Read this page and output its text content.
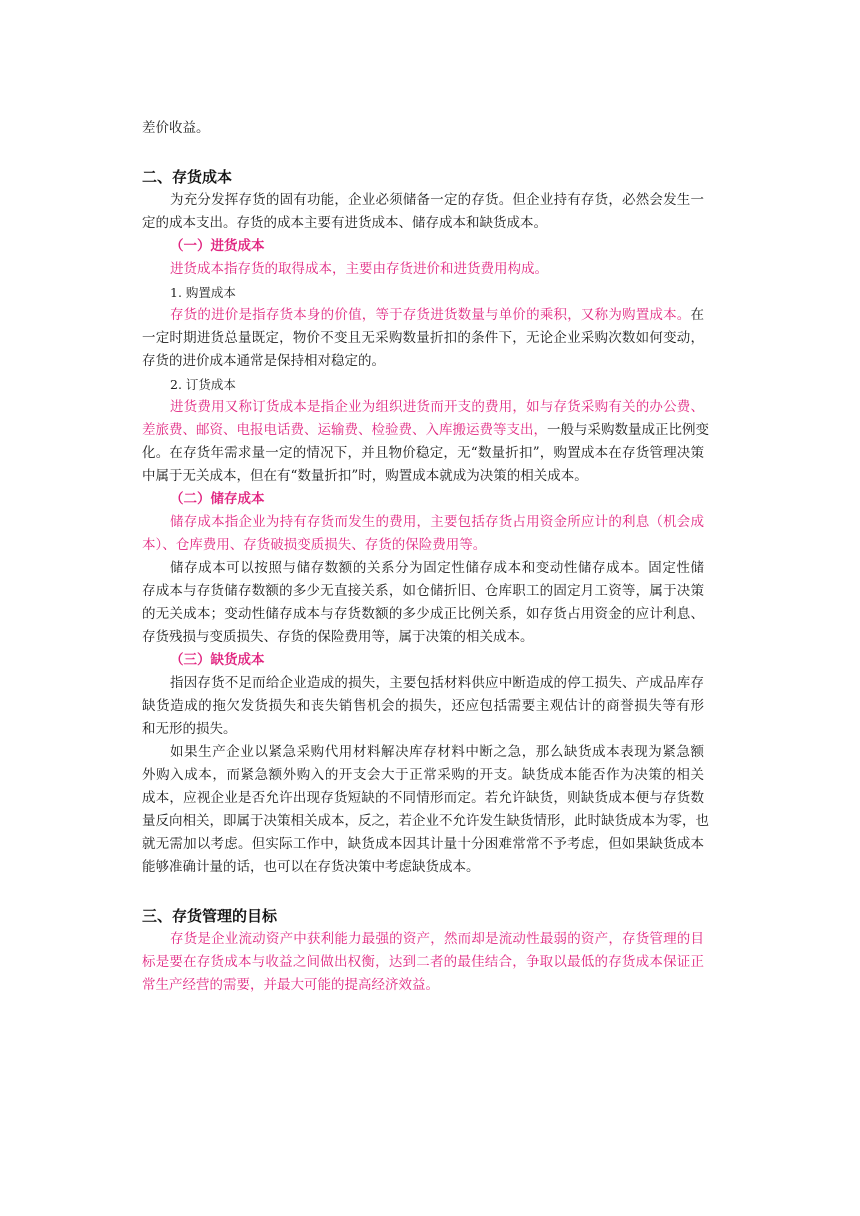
差价收益。
二、存货成本
为充分发挥存货的固有功能，企业必须储备一定的存货。但企业持有存货，必然会发生一
定的成本支出。存货的成本主要有进货成本、储存成本和缺货成本。
（一）进货成本
进货成本指存货的取得成本，主要由存货进价和进货费用构成。
1. 购置成本
存货的进价是指存货本身的价值，等于存货进货数量与单价的乘积，又称为购置成本。在
一定时期进货总量既定，物价不变且无采购数量折扣的条件下，无论企业采购次数如何变动，
存货的进价成本通常是保持相对稳定的。
2. 订货成本
进货费用又称订货成本是指企业为组织进货而开支的费用，如与存货采购有关的办公费、
差旅费、邮资、电报电话费、运输费、检验费、入库搬运费等支出，一般与采购数量成正比例变
化。在存货年需求量一定的情况下，并且物价稳定，无“数量折扣”，购置成本在存货管理决策
中属于无关成本，但在有“数量折扣”时，购置成本就成为决策的相关成本。
（二）储存成本
储存成本指企业为持有存货而发生的费用，主要包括存货占用资金所应计的利息（机会成
本）、仓库费用、存货破损变质损失、存货的保险费用等。
储存成本可以按照与储存数额的关系分为固定性储存成本和变动性储存成本。固定性储
存成本与存货储存数额的多少无直接关系，如仓储折旧、仓库职工的固定月工资等，属于决策
的无关成本；变动性储存成本与存货数额的多少成正比例关系，如存货占用资金的应计利息、
存货残损与变质损失、存货的保险费用等，属于决策的相关成本。
（三）缺货成本
指因存货不足而给企业造成的损失，主要包括材料供应中断造成的停工损失、产成品库存
缺货造成的拖欠发货损失和丧失销售机会的损失，还应包括需要主观估计的商誉损失等有形
和无形的损失。
如果生产企业以紧急采购代用材料解决库存材料中断之急，那么缺货成本表现为紧急额
外购入成本，而紧急额外购入的开支会大于正常采购的开支。缺货成本能否作为决策的相关
成本，应视企业是否允许出现存货短缺的不同情形而定。若允许缺货，则缺货成本便与存货数
量反向相关，即属于决策相关成本，反之，若企业不允许发生缺货情形，此时缺货成本为零，也
就无需加以考虑。但实际工作中，缺货成本因其计量十分困难常常不予考虑，但如果缺货成本
能够准确计量的话，也可以在存货决策中考虑缺货成本。
三、存货管理的目标
存货是企业流动资产中获利能力最强的资产，然而却是流动性最弱的资产，存货管理的目
标是要在存货成本与收益之间做出权衡，达到二者的最佳结合，争取以最低的存货成本保证正
常生产经营的需要，并最大可能的提高经济效益。
